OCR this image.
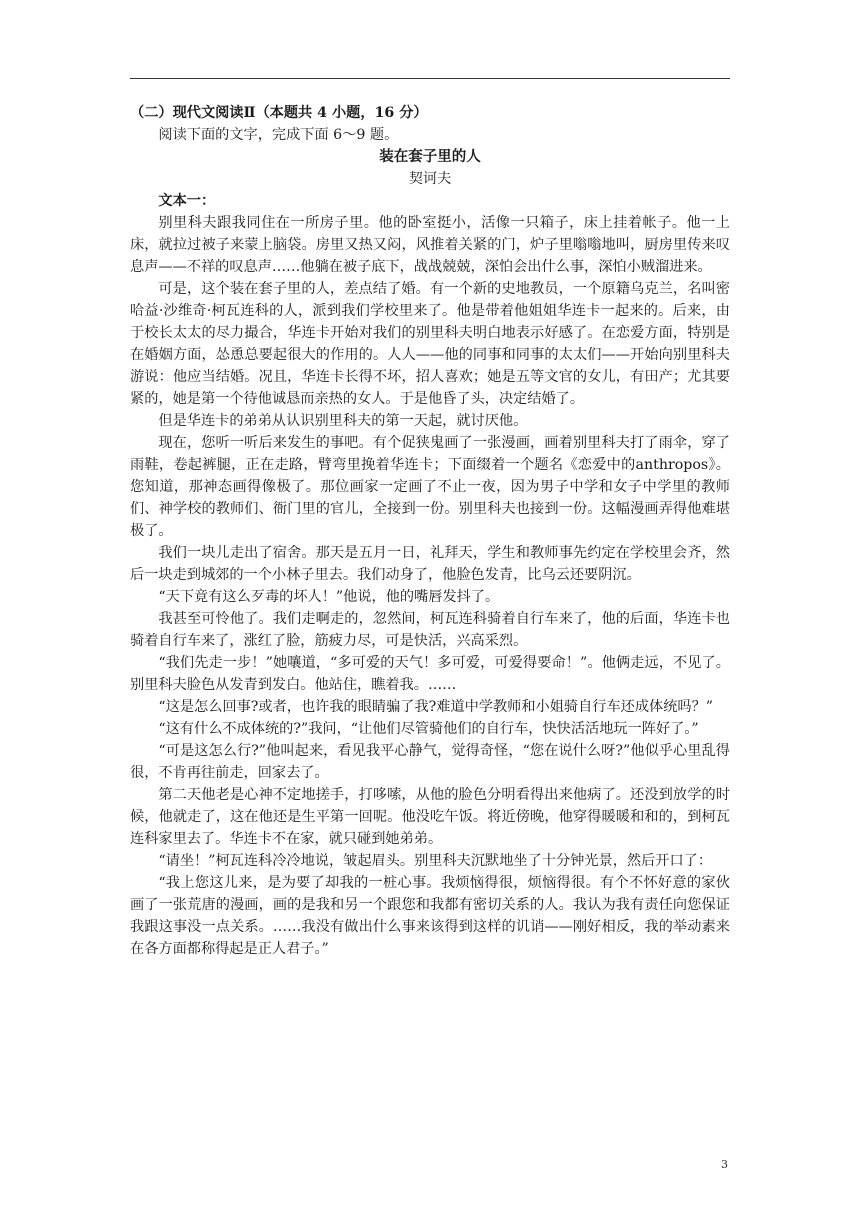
（二）现代文阅读Ⅱ（本题共 4 小题，16 分）

阅读下面的文字，完成下面 6～9 题。

装在套子里的人

契诃夫

文本一：

别里科夫跟我同住在一所房子里。他的卧室挺小，活像一只箱子，床上挂着帐子。他一上床，就拉过被子来蒙上脑袋。房里又热又闷，风推着关紧的门，炉子里嗡嗡地叫，厨房里传来叹息声——不祥的叹息声……他躺在被子底下，战战兢兢，深怕会出什么事，深怕小贼溜进来。

可是，这个装在套子里的人，差点结了婚。有一个新的史地教员，一个原籍乌克兰，名叫密哈益·沙维奇·柯瓦连科的人，派到我们学校里来了。他是带着他姐姐华连卡一起来的。后来，由于校长太太的尽力撮合，华连卡开始对我们的别里科夫明白地表示好感了。在恋爱方面，特别是在婚姻方面，怂恿总要起很大的作用的。人人——他的同事和同事的太太们——开始向别里科夫游说：他应当结婚。况且，华连卡长得不坏，招人喜欢；她是五等文官的女儿，有田产；尤其要紧的，她是第一个待他诚恳而亲热的女人。于是他昏了头，决定结婚了。

但是华连卡的弟弟从认识别里科夫的第一天起，就讨厌他。

现在，您听一听后来发生的事吧。有个促狭鬼画了一张漫画，画着别里科夫打了雨伞，穿了雨鞋，卷起裤腿，正在走路，臂弯里挽着华连卡；下面缀着一个题名《恋爱中的anthropos》。您知道，那神态画得像极了。那位画家一定画了不止一夜，因为男子中学和女子中学里的教师们、神学校的教师们、衙门里的官儿，全接到一份。别里科夫也接到一份。这幅漫画弄得他难堪极了。

我们一块儿走出了宿舍。那天是五月一日，礼拜天，学生和教师事先约定在学校里会齐，然后一块走到城郊的一个小林子里去。我们动身了，他脸色发青，比乌云还要阴沉。

“天下竟有这么歹毒的坏人！”他说，他的嘴唇发抖了。

我甚至可怜他了。我们走啊走的，忽然间，柯瓦连科骑着自行车来了，他的后面，华连卡也骑着自行车来了，涨红了脸，筋疲力尽，可是快活，兴高采烈。

“我们先走一步！”她嚷道，“多可爱的天气！多可爱，可爱得要命！”。他俩走远，不见了。别里科夫脸色从发青到发白。他站住，瞧着我。……

“这是怎么回事?或者，也许我的眼睛骗了我?难道中学教师和小姐骑自行车还成体统吗？”

“这有什么不成体统的?”我问，“让他们尽管骑他们的自行车，快快活活地玩一阵好了。”

“可是这怎么行?”他叫起来，看见我平心静气，觉得奇怪，“您在说什么呀?”他似乎心里乱得很，不肯再往前走，回家去了。

第二天他老是心神不定地搓手，打哆嗦，从他的脸色分明看得出来他病了。还没到放学的时候，他就走了，这在他还是生平第一回呢。他没吃午饭。将近傍晚，他穿得暖暖和和的，到柯瓦连科家里去了。华连卡不在家，就只碰到她弟弟。

“请坐！”柯瓦连科冷冷地说，皱起眉头。别里科夫沉默地坐了十分钟光景，然后开口了：

“我上您这儿来，是为要了却我的一桩心事。我烦恼得很，烦恼得很。有个不怀好意的家伙画了一张荒唐的漫画，画的是我和另一个跟您和我都有密切关系的人。我认为我有责任向您保证我跟这事没一点关系。……我没有做出什么事来该得到这样的讥诮——刚好相反，我的举动素来在各方面都称得起是正人君子。”

3
